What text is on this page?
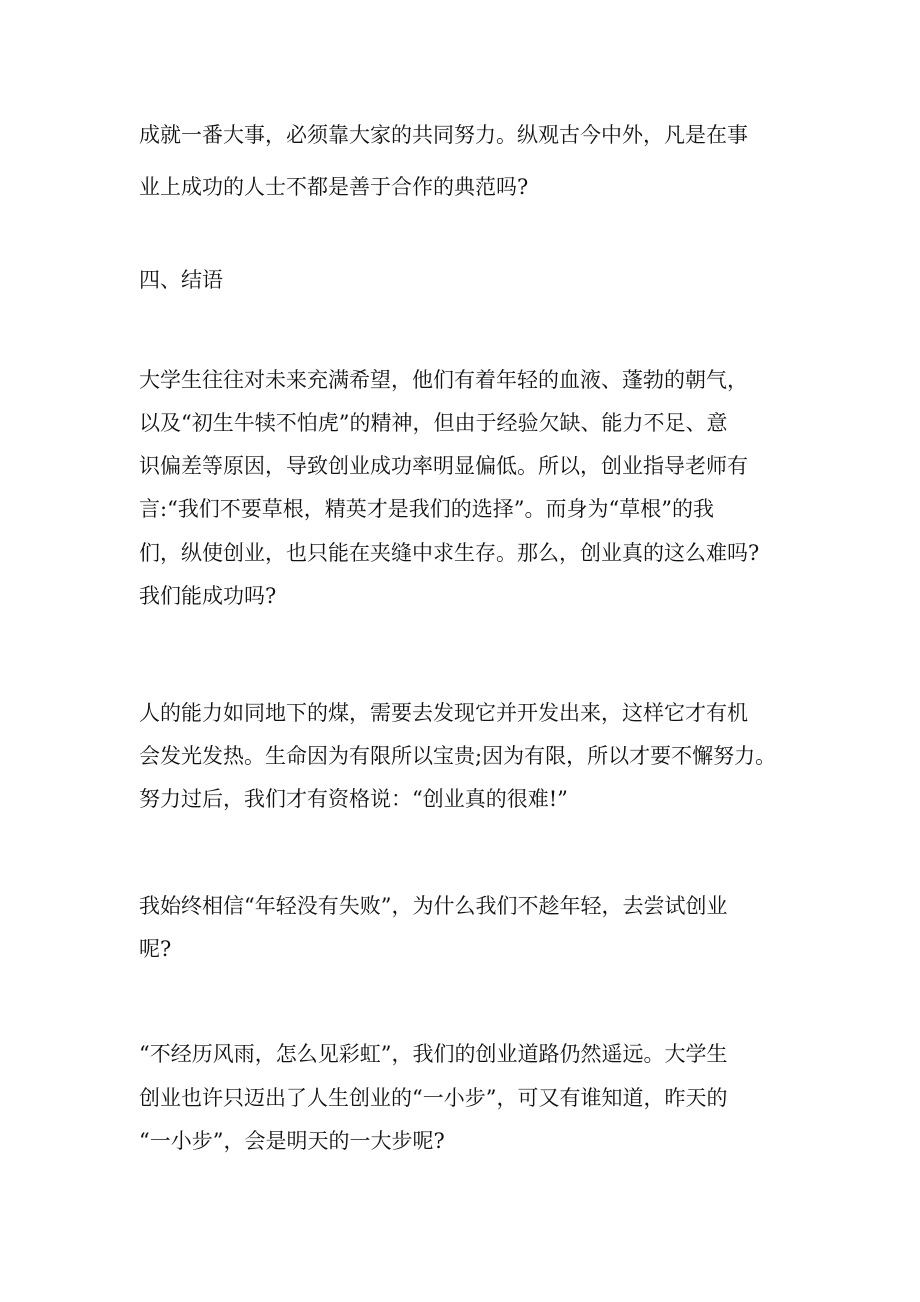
成就一番大事，必须靠大家的共同努力。纵观古今中外，凡是在事
业上成功的人士不都是善于合作的典范吗?
四、结语
大学生往往对未来充满希望，他们有着年轻的血液、蓬勃的朝气，
以及“初生牛犊不怕虎”的精神，但由于经验欠缺、能力不足、意
识偏差等原因，导致创业成功率明显偏低。所以，创业指导老师有
言:“我们不要草根，精英才是我们的选择”。而身为“草根”的我
们，纵使创业，也只能在夹缝中求生存。那么，创业真的这么难吗?
我们能成功吗?
人的能力如同地下的煤，需要去发现它并开发出来，这样它才有机
会发光发热。生命因为有限所以宝贵;因为有限，所以才要不懈努力。
努力过后，我们才有资格说：“创业真的很难!”
我始终相信“年轻没有失败”，为什么我们不趁年轻，去尝试创业
呢?
“不经历风雨，怎么见彩虹”，我们的创业道路仍然遥远。大学生
创业也许只迈出了人生创业的“一小步”，可又有谁知道，昨天的
“一小步”，会是明天的一大步呢?
